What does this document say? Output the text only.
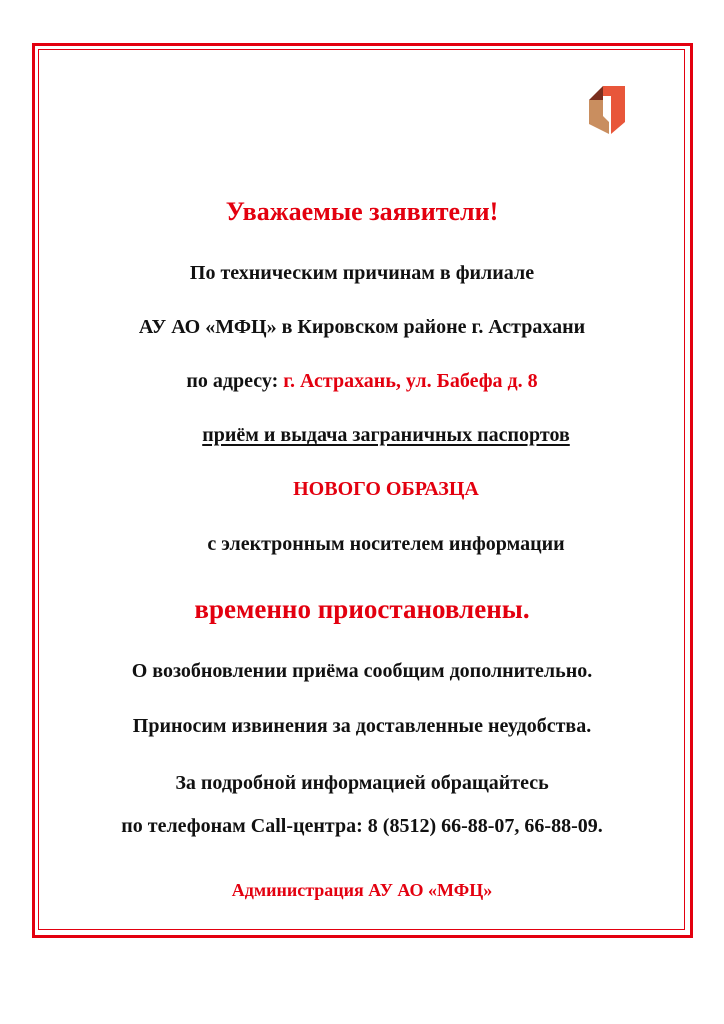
Уважаемые заявители!
По техническим причинам в филиале
АУ АО «МФЦ» в Кировском районе г. Астрахани
по адресу: г. Астрахань, ул. Бабефа д. 8
приём и выдача заграничных паспортов
НОВОГО ОБРАЗЦА
с электронным носителем информации
временно приостановлены.
О возобновлении приёма сообщим дополнительно.
Приносим извинения за доставленные неудобства.
За подробной информацией обращайтесь
по телефонам Call-центра: 8 (8512) 66-88-07, 66-88-09.
Администрация АУ АО «МФЦ»
